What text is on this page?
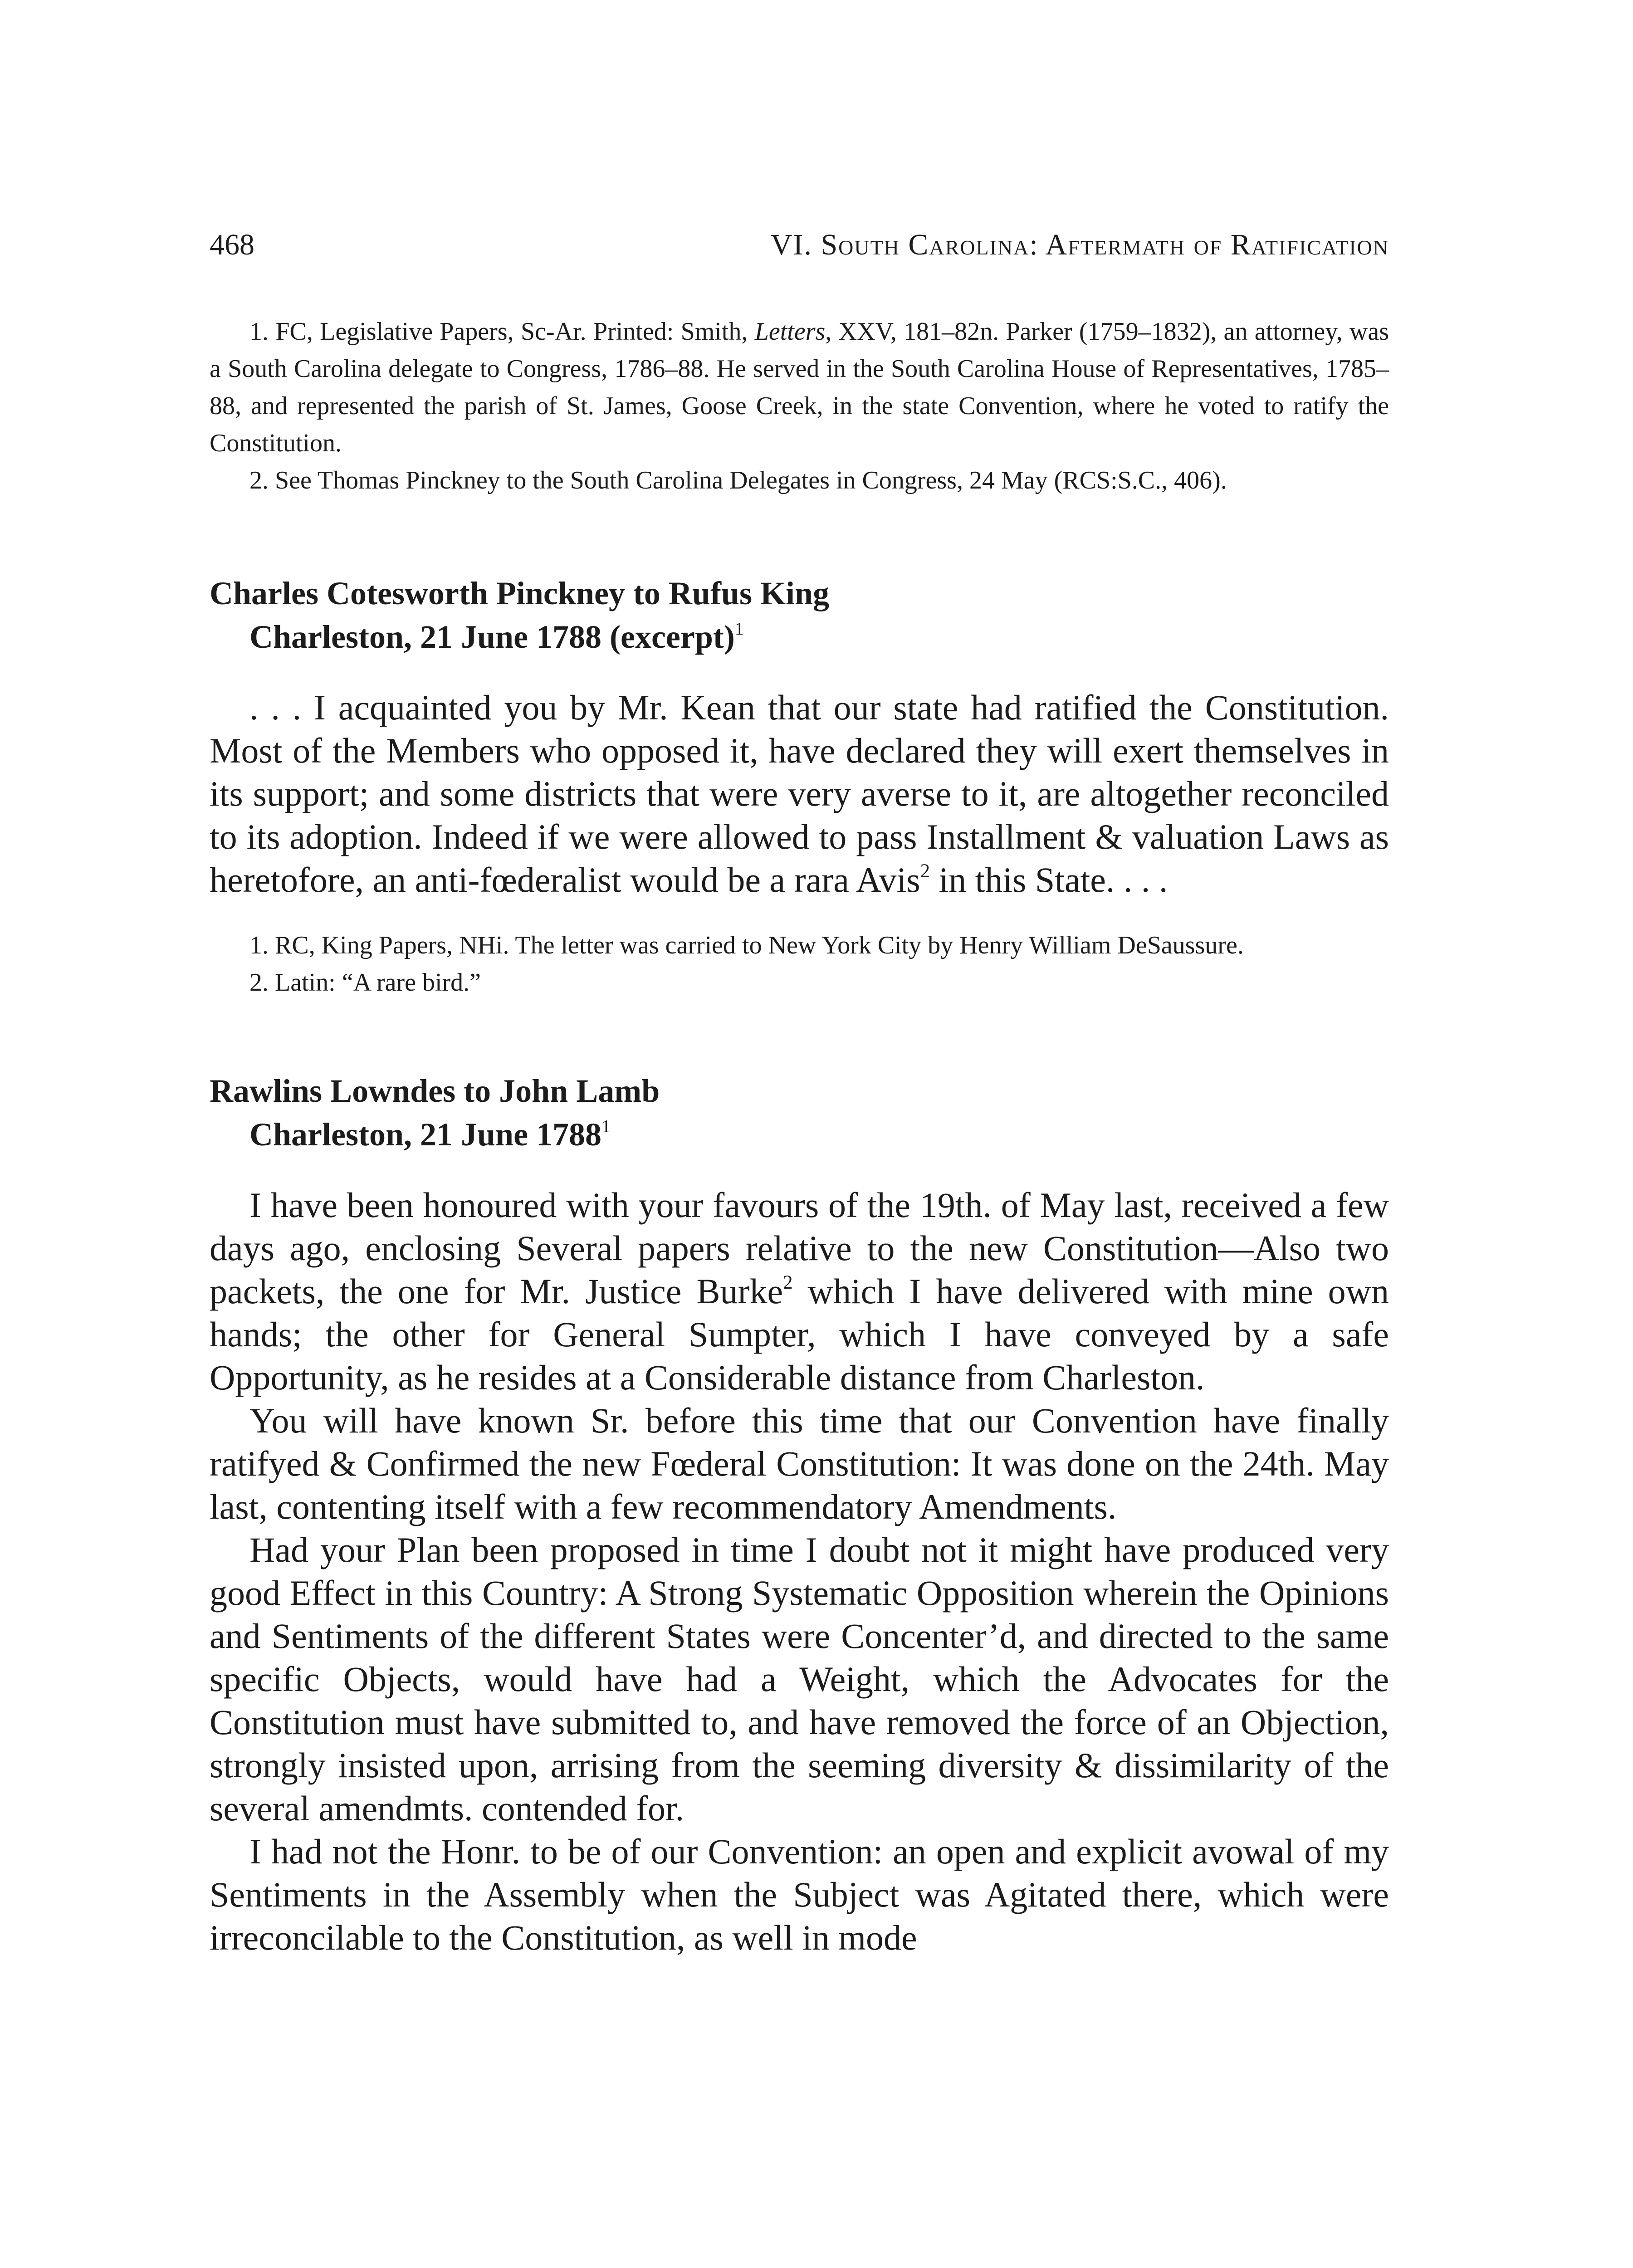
468	VI. South Carolina: Aftermath of Ratification

1. FC, Legislative Papers, Sc-Ar. Printed: Smith, Letters, XXV, 181–82n. Parker (1759–1832), an attorney, was a South Carolina delegate to Congress, 1786–88. He served in the South Carolina House of Representatives, 1785–88, and represented the parish of St. James, Goose Creek, in the state Convention, where he voted to ratify the Constitution.

2. See Thomas Pinckney to the South Carolina Delegates in Congress, 24 May (RCS:S.C., 406).

Charles Cotesworth Pinckney to Rufus King

Charleston, 21 June 1788 (excerpt)$^1$

. . . I acquainted you by Mr. Kean that our state had ratified the Constitution. Most of the Members who opposed it, have declared they will exert themselves in its support; and some districts that were very averse to it, are altogether reconciled to its adoption. Indeed if we were allowed to pass Installment & valuation Laws as heretofore, an anti-fœderalist would be a rara Avis$^2$ in this State. . . .

1. RC, King Papers, NHi. The letter was carried to New York City by Henry William DeSaussure.

2. Latin: “A rare bird.”

Rawlins Lowndes to John Lamb

Charleston, 21 June 1788$^1$

I have been honoured with your favours of the 19th. of May last, received a few days ago, enclosing Several papers relative to the new Constitution—Also two packets, the one for Mr. Justice Burke$^2$ which I have delivered with mine own hands; the other for General Sumpter, which I have conveyed by a safe Opportunity, as he resides at a Considerable distance from Charleston.

You will have known Sr. before this time that our Convention have finally ratifyed & Confirmed the new Fœderal Constitution: It was done on the 24th. May last, contenting itself with a few recommendatory Amendments.

Had your Plan been proposed in time I doubt not it might have produced very good Effect in this Country: A Strong Systematic Opposition wherein the Opinions and Sentiments of the different States were Concenter’d, and directed to the same specific Objects, would have had a Weight, which the Advocates for the Constitution must have submitted to, and have removed the force of an Objection, strongly insisted upon, arrising from the seeming diversity & dissimilarity of the several amendmts. contended for.

I had not the Honr. to be of our Convention: an open and explicit avowal of my Sentiments in the Assembly when the Subject was Agitated there, which were irreconcilable to the Constitution, as well in mode
